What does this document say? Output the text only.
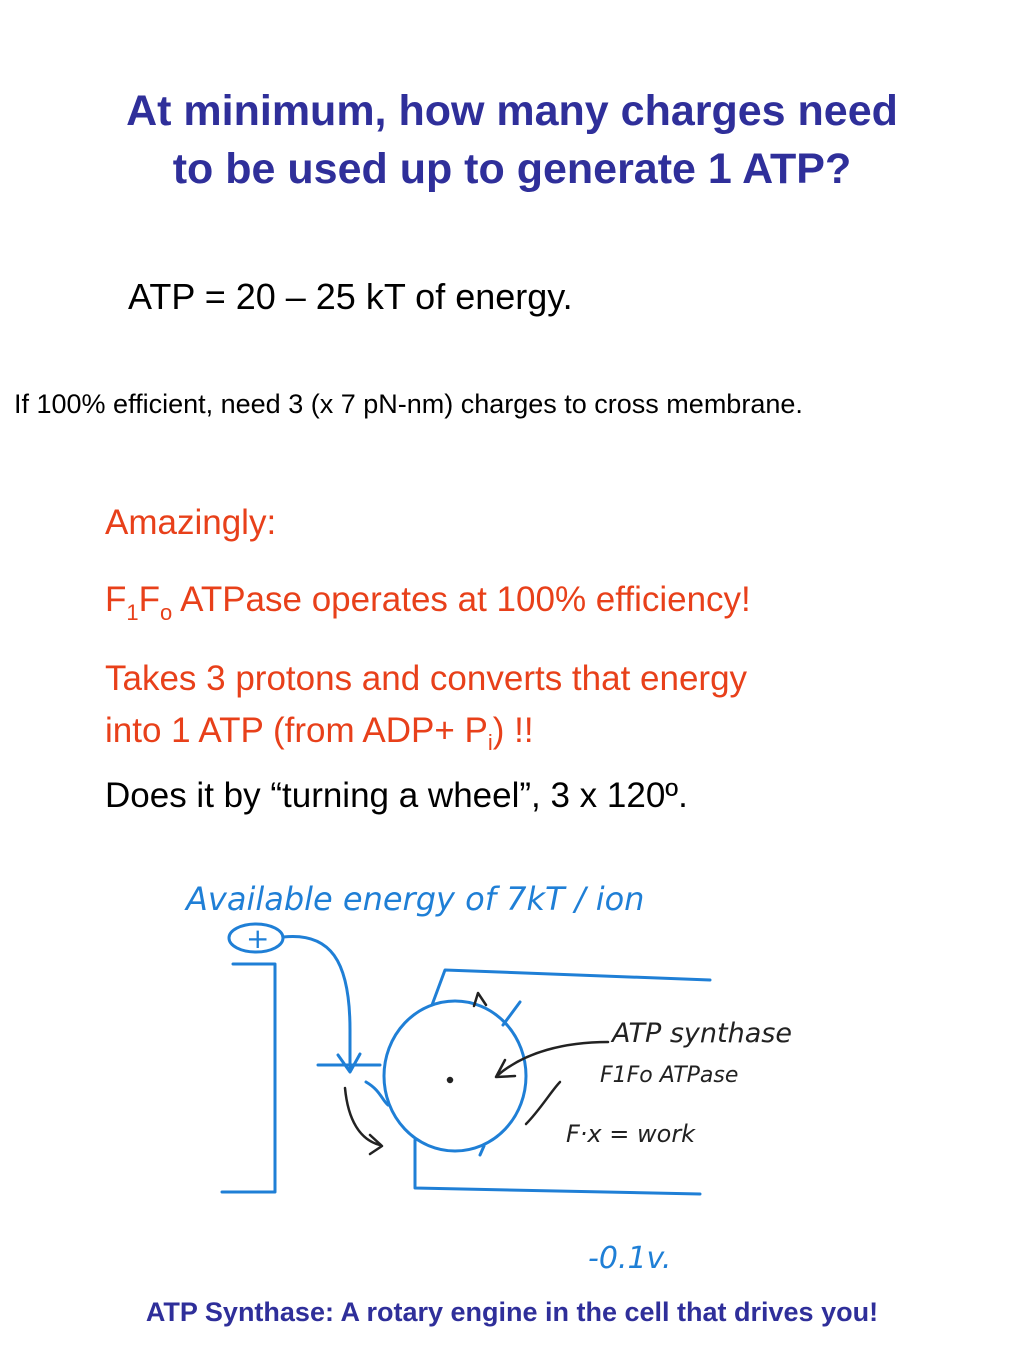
At minimum, how many charges need
to be used up to generate 1 ATP?
ATP = 20 – 25 kT of energy.
If 100% efficient, need 3 (x 7 pN-nm) charges to cross membrane.
Amazingly:
$F_1F_o$ ATPase operates at 100% efficiency!
Takes 3 protons and converts that energy
into 1 ATP (from $ADP+ P_i$) !!
Does it by “turning a wheel”, 3 x 120º.
Available energy of 7kT / ion
+
ATP synthase
F1Fo ATPase
F·x = work
-0.1v.
ATP Synthase: A rotary engine in the cell that drives you!
